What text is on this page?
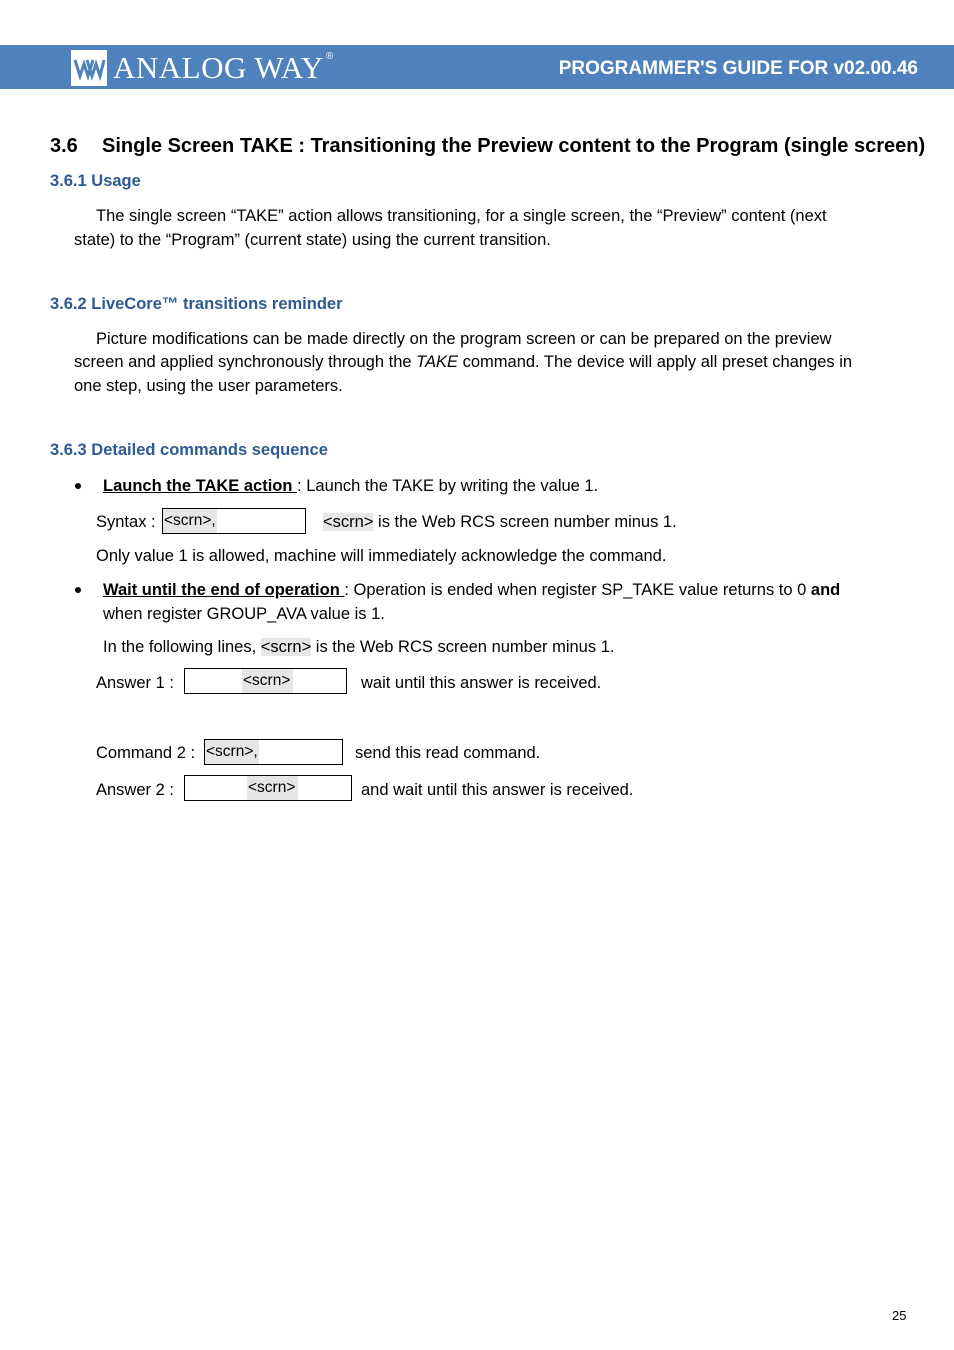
ANALOG WAY ®
PROGRAMMER'S GUIDE FOR v02.00.46
3.6 Single Screen TAKE : Transitioning the Preview content to the Program (single screen)
3.6.1 Usage
The single screen “TAKE” action allows transitioning, for a single screen, the “Preview” content (next
state) to the “Program” (current state) using the current transition.
3.6.2 LiveCore™ transitions reminder
Picture modifications can be made directly on the program screen or can be prepared on the preview
screen and applied synchronously through the TAKE command. The device will apply all preset changes in
one step, using the user parameters.
3.6.3 Detailed commands sequence
Launch the TAKE action : Launch the TAKE by writing the value 1.
Syntax : <scrn>,	<scrn> is the Web RCS screen number minus 1.
Only value 1 is allowed, machine will immediately acknowledge the command.
Wait until the end of operation : Operation is ended when register SP_TAKE value returns to 0 and
when register GROUP_AVA value is 1.
In the following lines, <scrn> is the Web RCS screen number minus 1.
Answer 1 :	<scrn>	wait until this answer is received.
Command 2 : <scrn>,	send this read command.
Answer 2 :	<scrn>	and wait until this answer is received.
25
